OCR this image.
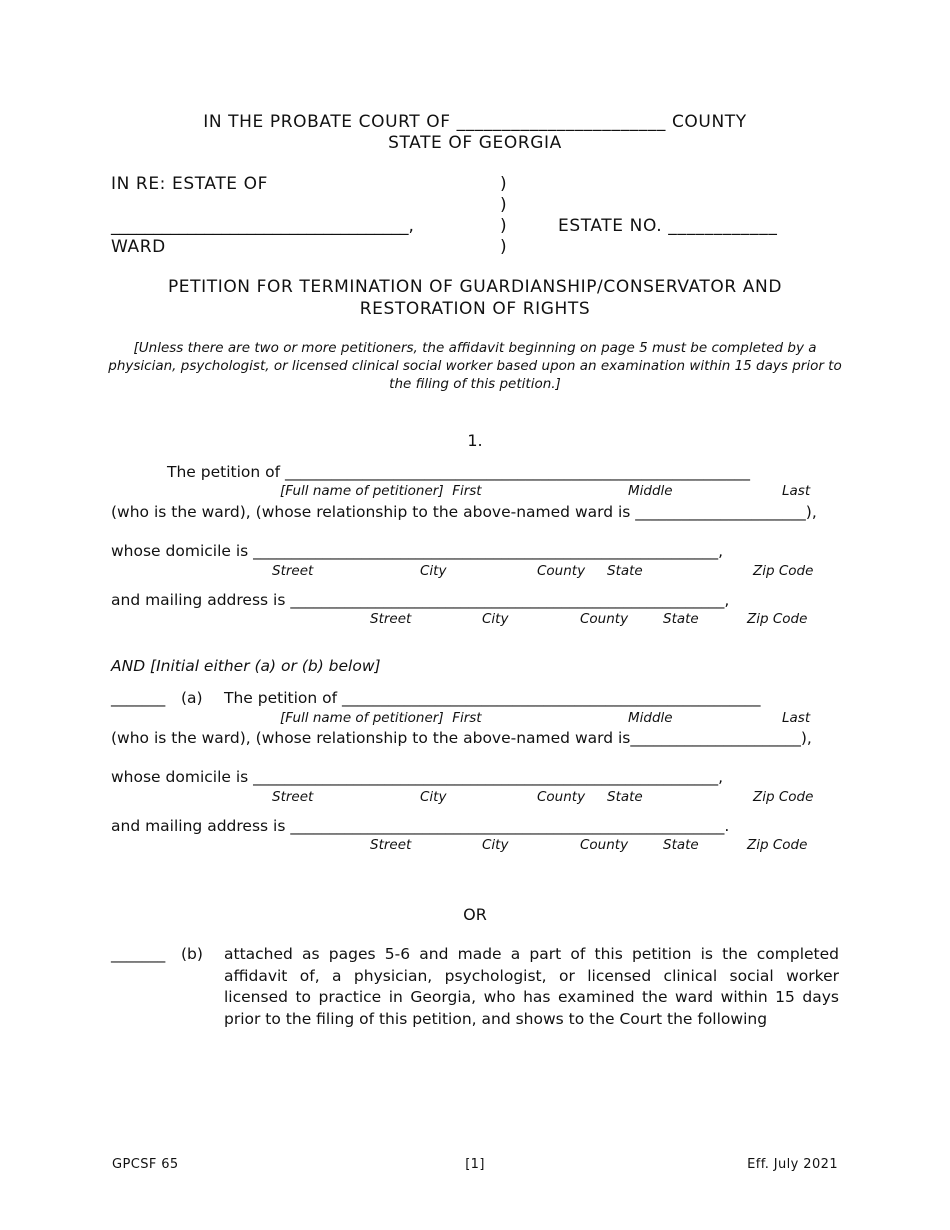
IN THE PROBATE COURT OF _______________________ COUNTY
STATE OF GEORGIA
IN RE: ESTATE OF
___________________________________,
WARD
)
)
)
)
ESTATE NO. ____________
PETITION FOR TERMINATION OF GUARDIANSHIP/CONSERVATOR AND
RESTORATION OF RIGHTS
[Unless there are two or more petitioners, the affidavit beginning on page 5 must be completed by a physician, psychologist, or licensed clinical social worker based upon an examination within 15 days prior to the filing of this petition.]
1.
The petition of ____________________________________________________________
[Full name of petitioner]  First	Middle	Last
(who is the ward), (whose relationship to the above-named ward is ______________________),
whose domicile is ____________________________________________________________,
Street	City	County State	Zip Code
and mailing address is ________________________________________________________,
Street	City	County	State	Zip Code
AND [Initial either (a) or (b) below]
_______ (a) The petition of ______________________________________________________
[Full name of petitioner]  First	Middle	Last
(who is the ward), (whose relationship to the above-named ward is______________________),
whose domicile is ____________________________________________________________,
Street	City	County State	Zip Code
and mailing address is ________________________________________________________.
Street	City	County	State	Zip Code
OR
_______ (b) attached as pages 5-6 and made a part of this petition is the completed affidavit of, a physician, psychologist, or licensed clinical social worker licensed to practice in Georgia, who has examined the ward within 15 days prior to the filing of this petition, and shows to the Court the following
GPCSF 65	[1]	Eff. July 2021
